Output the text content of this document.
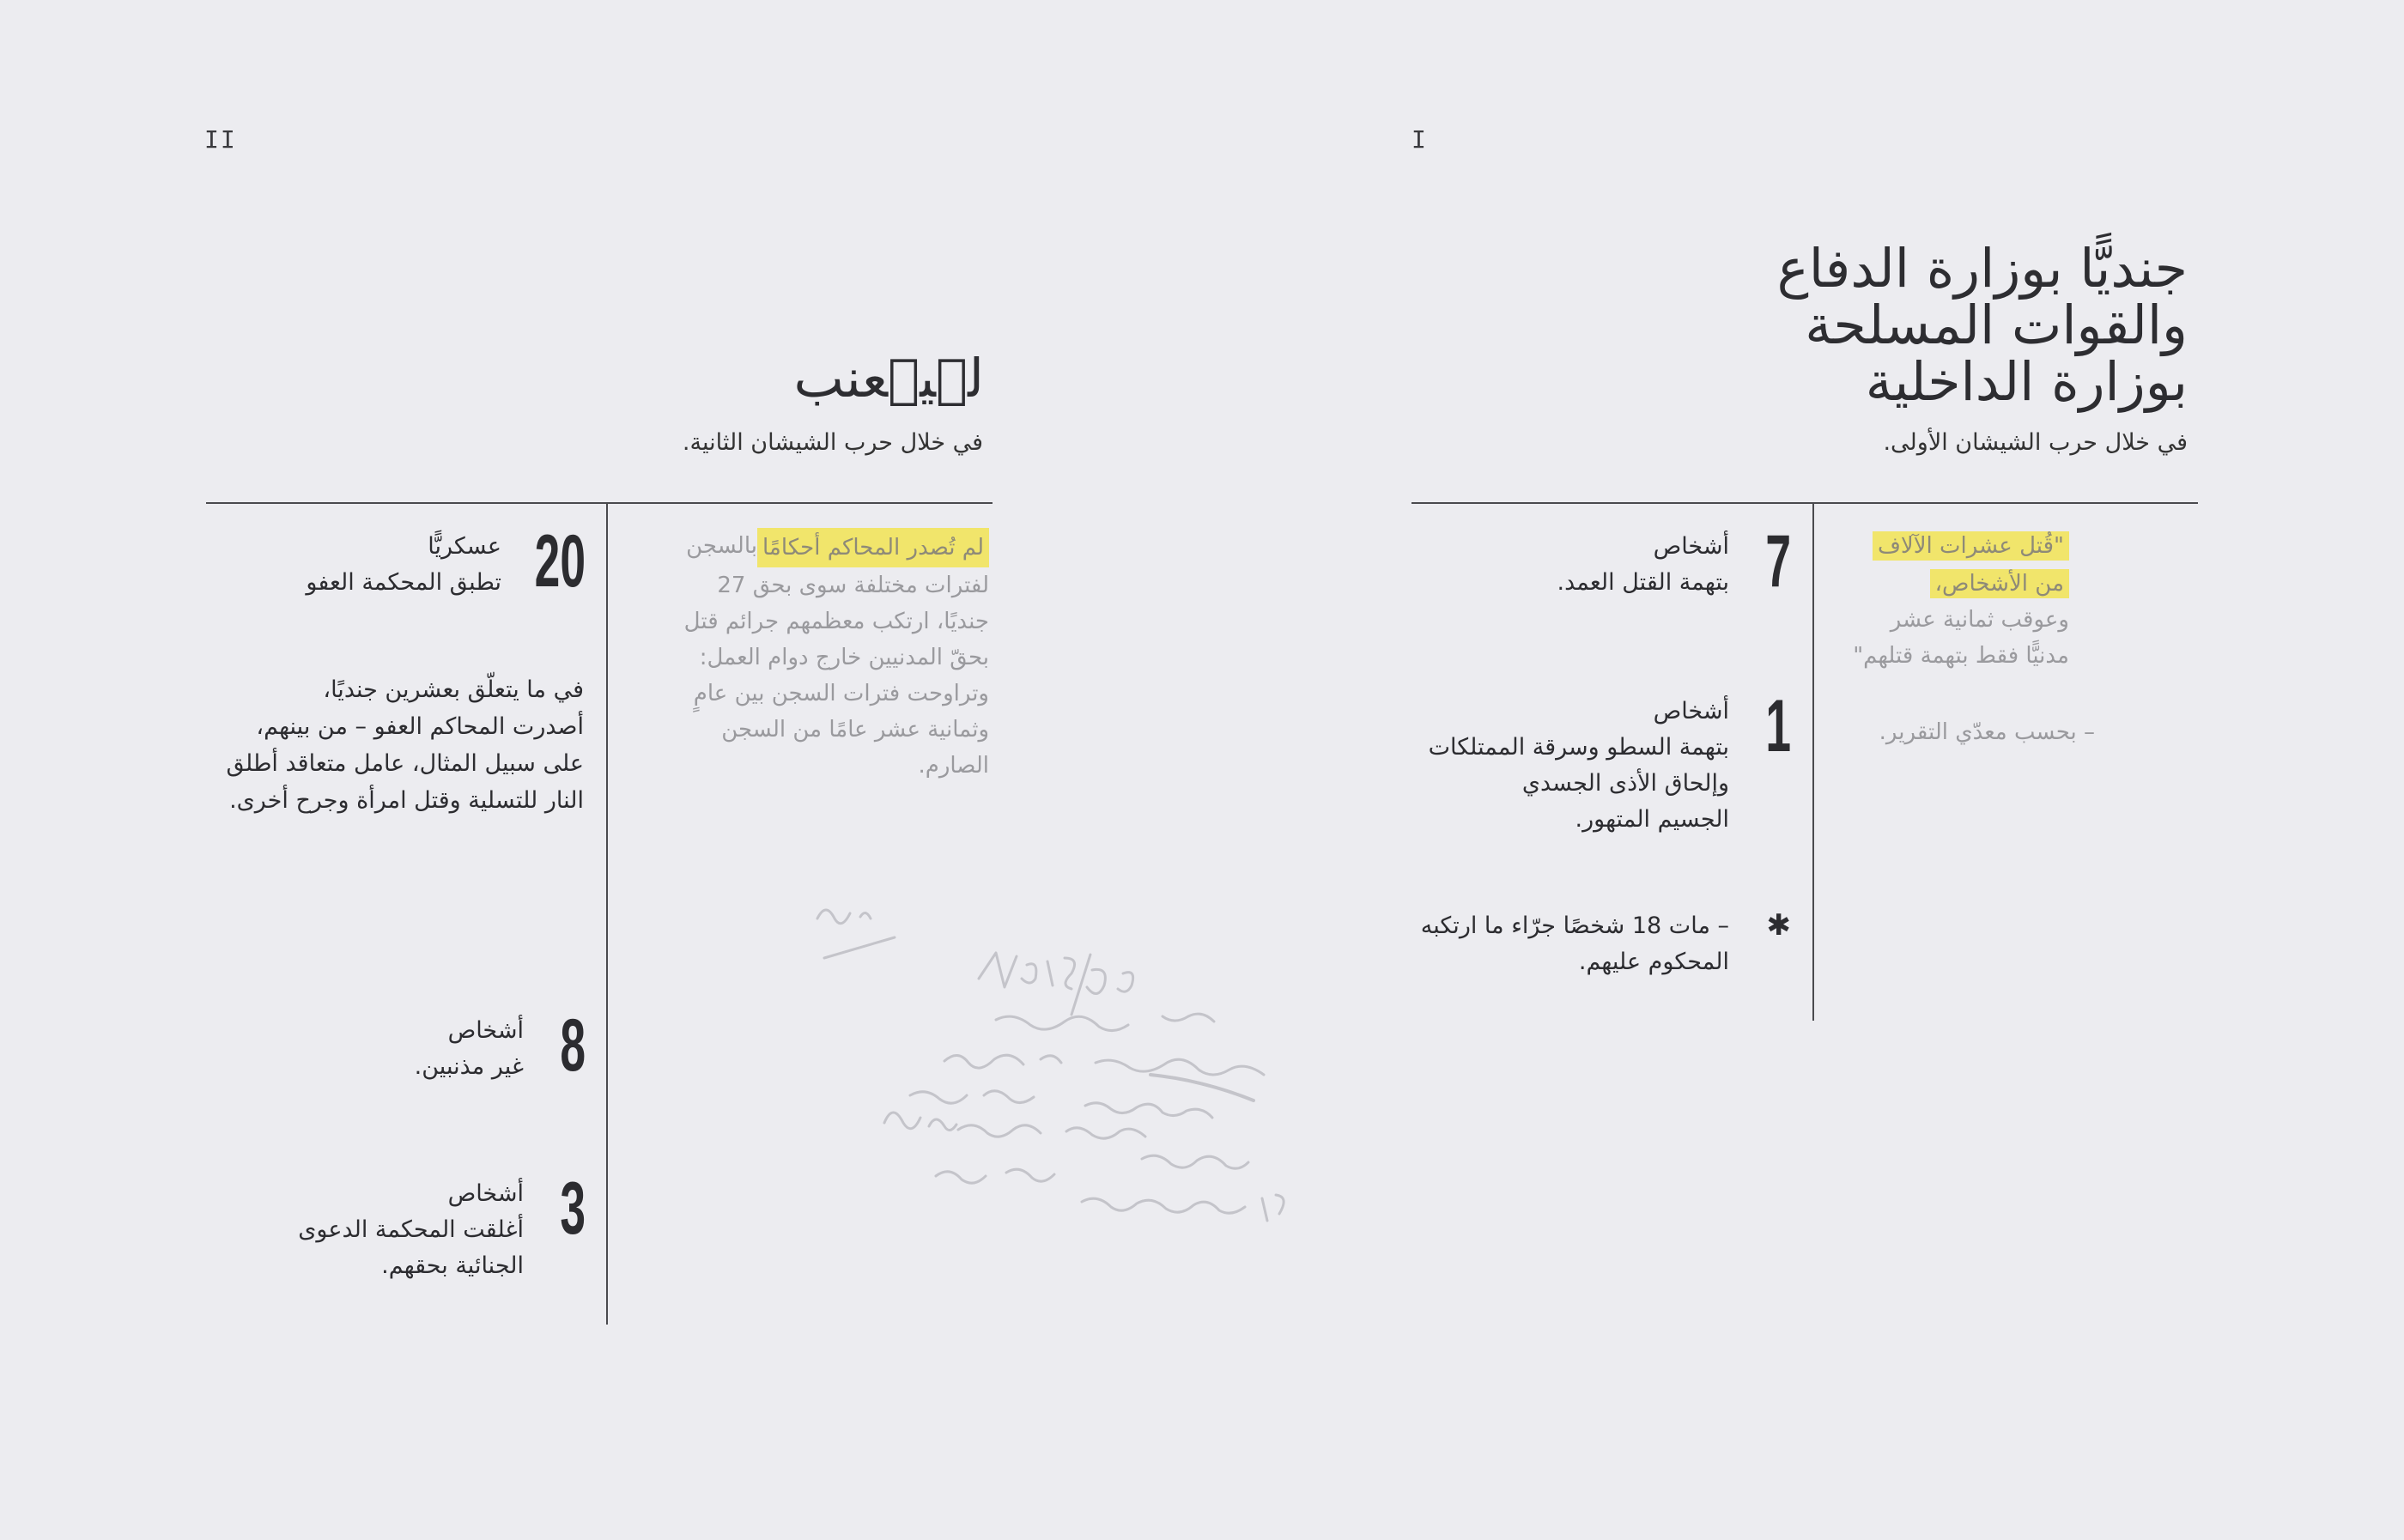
II	I
لۜیٞعنب
في خلال حرب الشيشان الثانية.
لم تُصدر المحاكم أحكامًا
بالسجن
لفترات مختلفة سوى بحق 27
جنديًا، ارتكب معظمهم جرائم قتل
بحقّ المدنيين خارج دوام العمل:
وتراوحت فترات السجن بين عامٍ
وثمانية عشر عامًا من السجن
الصارم.
20
عسكريًّا
تطبق المحكمة العفو
في ما يتعلّق بعشرين جنديًا،
أصدرت المحاكم العفو – من بينهم،
على سبيل المثال، عامل متعاقد أطلق
النار للتسلية وقتل امرأة وجرح أخرى.
8
أشخاص
غير مذنبين.
3
أشخاص
أغلقت المحكمة الدعوى
الجنائية بحقهم.
جنديًّا بوزارة الدفاع
والقوات المسلحة
بوزارة الداخلية
في خلال حرب الشيشان الأولى.
"قُتل عشرات الآلاف
من الأشخاص،
وعوقب ثمانية عشر
مدنيًّا فقط بتهمة قتلهم"
– بحسب معدّي التقرير.
7
أشخاص
بتهمة القتل العمد.
1
أشخاص
بتهمة السطو وسرقة الممتلكات
وإلحاق الأذى الجسدي
الجسيم المتهور.
✱
– مات 18 شخصًا جرّاء ما ارتكبه
المحكوم عليهم.
